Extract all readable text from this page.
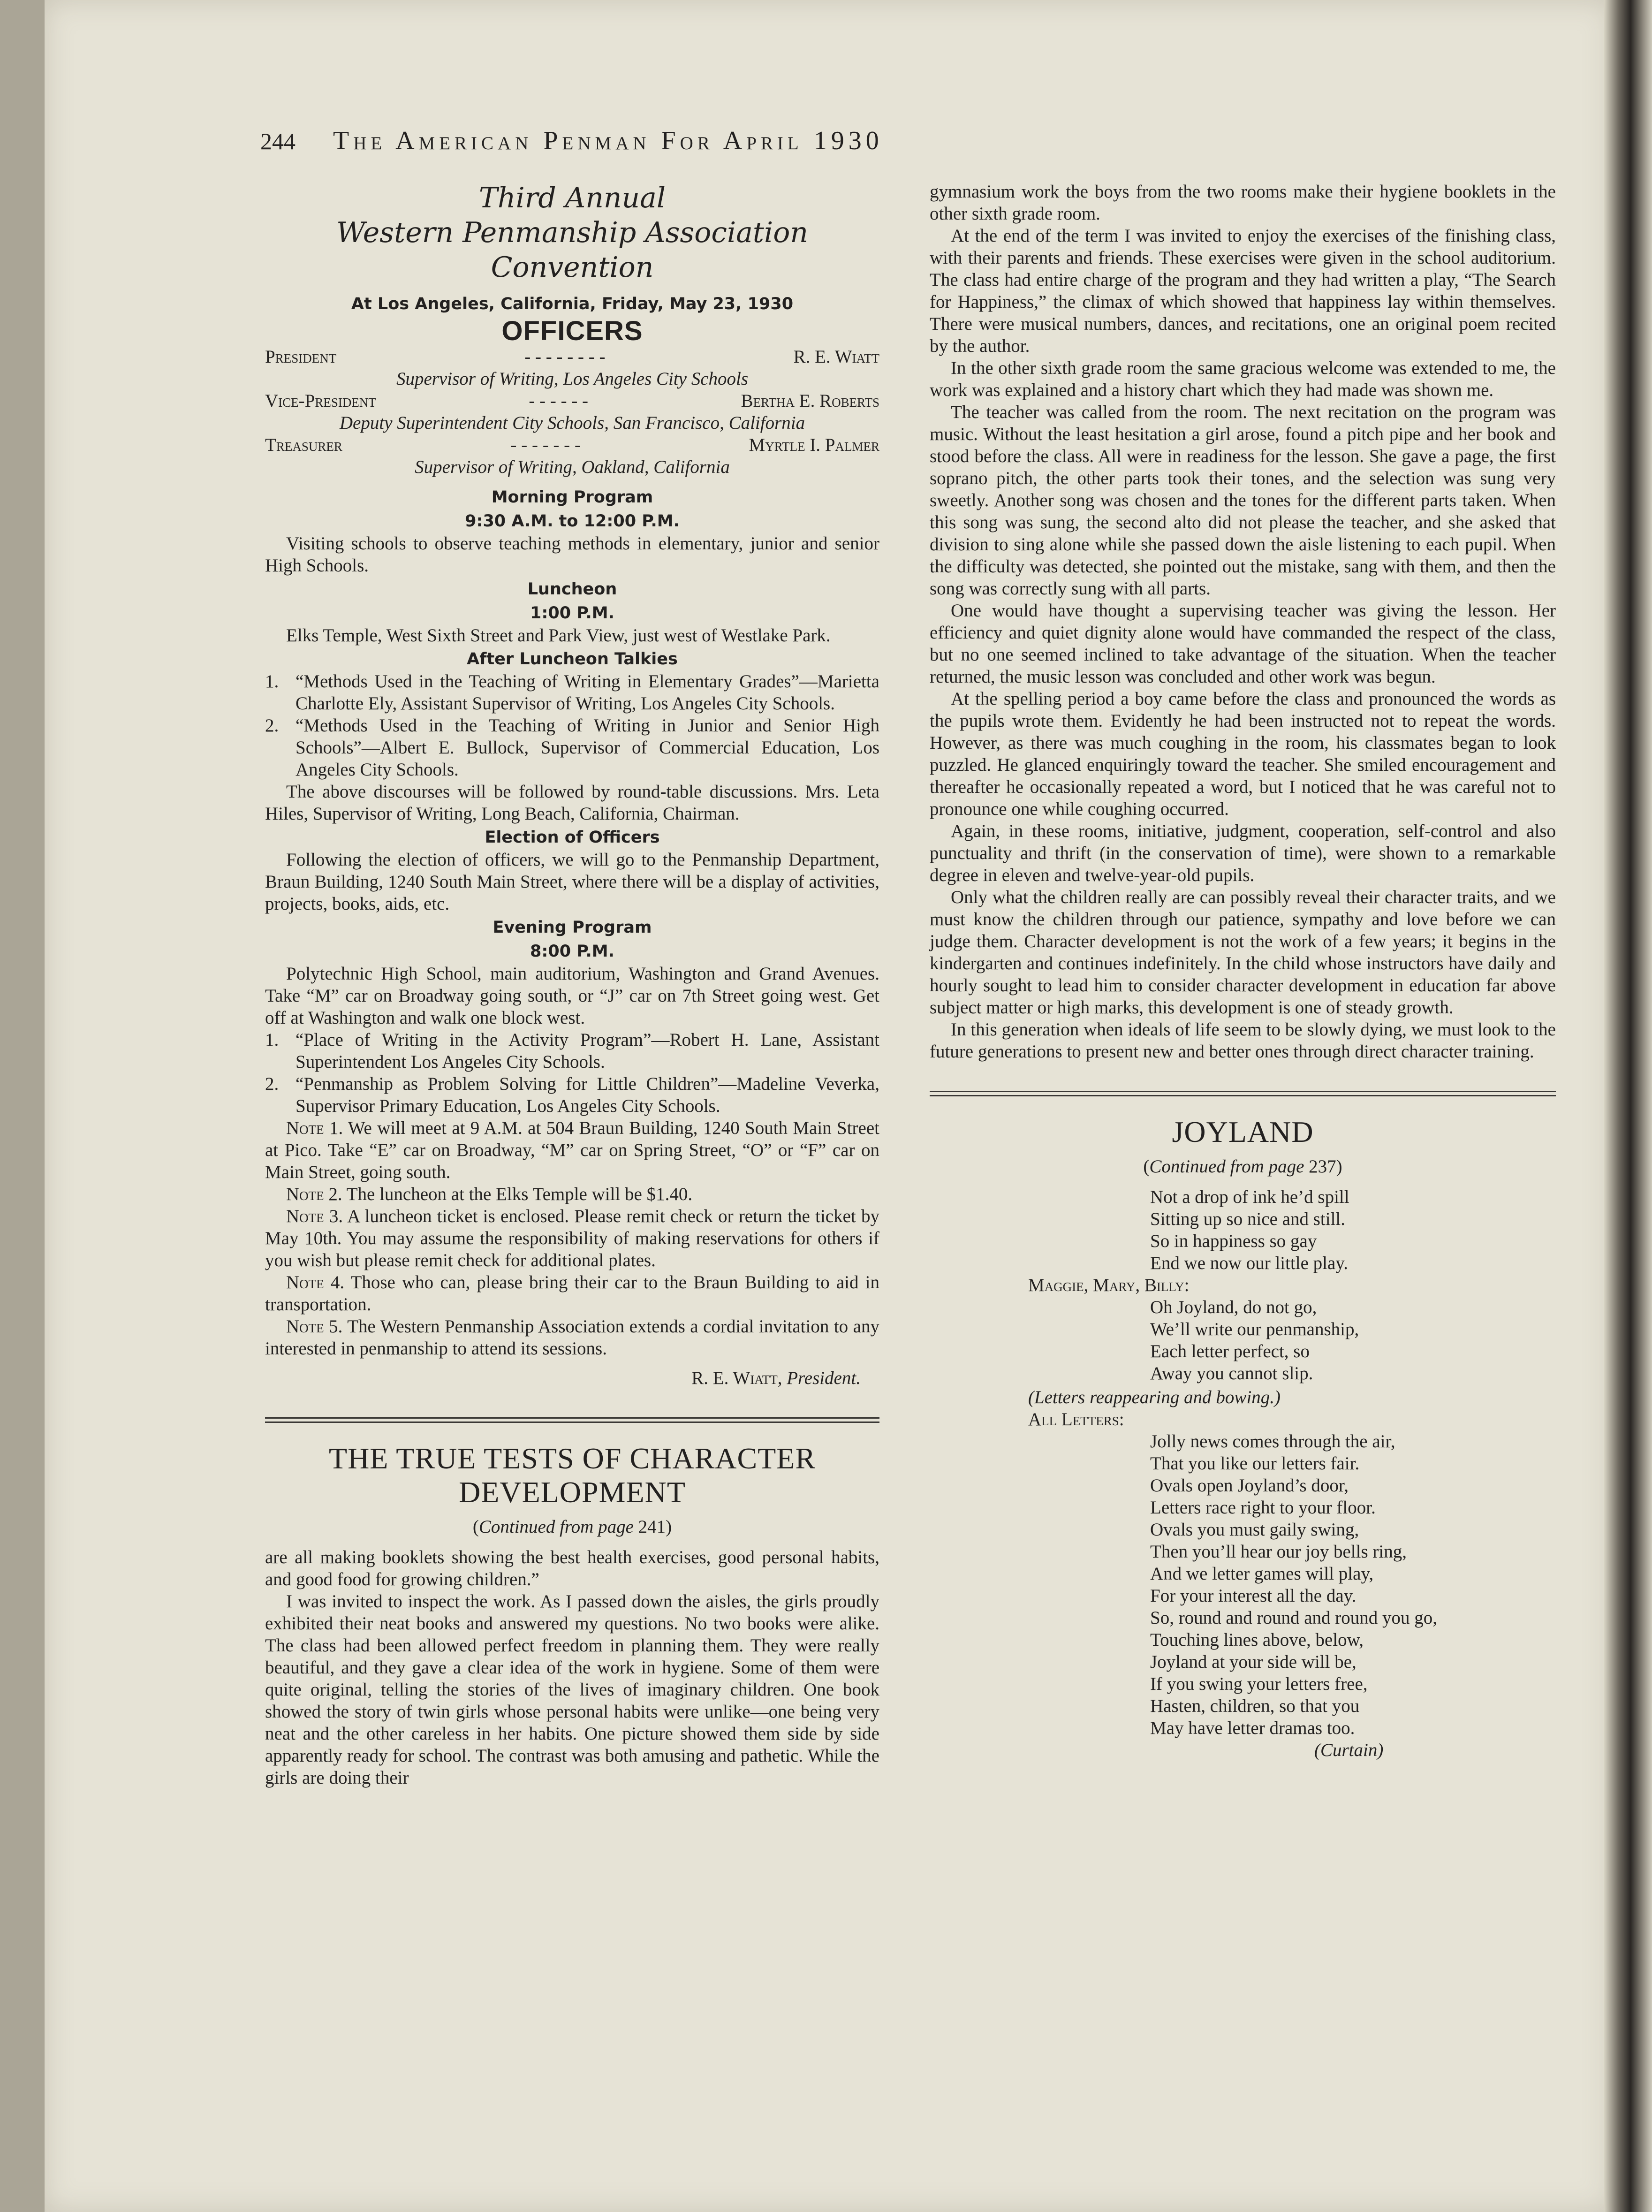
244	The American Penman For April 1930

Third Annual

Western Penmanship Association

Convention

At Los Angeles, California, Friday, May 23, 1930

OFFICERS

President	- - - - - - - -	R. E. Wiatt

Supervisor of Writing, Los Angeles City Schools

Vice-President	- - - - - -	Bertha E. Roberts

Deputy Superintendent City Schools, San Francisco, California

Treasurer	- - - - - - -	Myrtle I. Palmer

Supervisor of Writing, Oakland, California

Morning Program

9:30 A.M. to 12:00 P.M.

Visiting schools to observe teaching methods in elementary, junior and senior High Schools.

Luncheon

1:00 P.M.

Elks Temple, West Sixth Street and Park View, just west of Westlake Park.

After Luncheon Talkies

1. “Methods Used in the Teaching of Writing in Elementary Grades”—Marietta Charlotte Ely, Assistant Supervisor of Writing, Los Angeles City Schools.
2. “Methods Used in the Teaching of Writing in Junior and Senior High Schools”—Albert E. Bullock, Supervisor of Commercial Education, Los Angeles City Schools.

The above discourses will be followed by round-table discussions. Mrs. Leta Hiles, Supervisor of Writing, Long Beach, California, Chairman.

Election of Officers

Following the election of officers, we will go to the Penmanship Department, Braun Building, 1240 South Main Street, where there will be a display of activities, projects, books, aids, etc.

Evening Program

8:00 P.M.

Polytechnic High School, main auditorium, Washington and Grand Avenues. Take “M” car on Broadway going south, or “J” car on 7th Street going west. Get off at Washington and walk one block west.

1. “Place of Writing in the Activity Program”—Robert H. Lane, Assistant Superintendent Los Angeles City Schools.
2. “Penmanship as Problem Solving for Little Children”—Madeline Veverka, Supervisor Primary Education, Los Angeles City Schools.

Note 1. We will meet at 9 A.M. at 504 Braun Building, 1240 South Main Street at Pico. Take “E” car on Broadway, “M” car on Spring Street, “O” or “F” car on Main Street, going south.

Note 2. The luncheon at the Elks Temple will be $1.40.

Note 3. A luncheon ticket is enclosed. Please remit check or return the ticket by May 10th. You may assume the responsibility of making reservations for others if you wish but please remit check for additional plates.

Note 4. Those who can, please bring their car to the Braun Building to aid in transportation.

Note 5. The Western Penmanship Association extends a cordial invitation to any interested in penmanship to attend its sessions.

R. E. Wiatt, President.

THE TRUE TESTS OF CHARACTER DEVELOPMENT

(Continued from page 241)

are all making booklets showing the best health exercises, good personal habits, and good food for growing children.”

I was invited to inspect the work. As I passed down the aisles, the girls proudly exhibited their neat books and answered my questions. No two books were alike. The class had been allowed perfect freedom in planning them. They were really beautiful, and they gave a clear idea of the work in hygiene. Some of them were quite original, telling the stories of the lives of imaginary children. One book showed the story of twin girls whose personal habits were unlike—one being very neat and the other careless in her habits. One picture showed them side by side apparently ready for school. The contrast was both amusing and pathetic. While the girls are doing their

gymnasium work the boys from the two rooms make their hygiene booklets in the other sixth grade room.

At the end of the term I was invited to enjoy the exercises of the finishing class, with their parents and friends. These exercises were given in the school auditorium. The class had entire charge of the program and they had written a play, “The Search for Happiness,” the climax of which showed that happiness lay within themselves. There were musical numbers, dances, and recitations, one an original poem recited by the author.

In the other sixth grade room the same gracious welcome was extended to me, the work was explained and a history chart which they had made was shown me.

The teacher was called from the room. The next recitation on the program was music. Without the least hesitation a girl arose, found a pitch pipe and her book and stood before the class. All were in readiness for the lesson. She gave a page, the first soprano pitch, the other parts took their tones, and the selection was sung very sweetly. Another song was chosen and the tones for the different parts taken. When this song was sung, the second alto did not please the teacher, and she asked that division to sing alone while she passed down the aisle listening to each pupil. When the difficulty was detected, she pointed out the mistake, sang with them, and then the song was correctly sung with all parts.

One would have thought a supervising teacher was giving the lesson. Her efficiency and quiet dignity alone would have commanded the respect of the class, but no one seemed inclined to take advantage of the situation. When the teacher returned, the music lesson was concluded and other work was begun.

At the spelling period a boy came before the class and pronounced the words as the pupils wrote them. Evidently he had been instructed not to repeat the words. However, as there was much coughing in the room, his classmates began to look puzzled. He glanced enquiringly toward the teacher. She smiled encouragement and thereafter he occasionally repeated a word, but I noticed that he was careful not to pronounce one while coughing occurred.

Again, in these rooms, initiative, judgment, cooperation, self-control and also punctuality and thrift (in the conservation of time), were shown to a remarkable degree in eleven and twelve-year-old pupils.

Only what the children really are can possibly reveal their character traits, and we must know the children through our patience, sympathy and love before we can judge them. Character development is not the work of a few years; it begins in the kindergarten and continues indefinitely. In the child whose instructors have daily and hourly sought to lead him to consider character development in education far above subject matter or high marks, this development is one of steady growth.

In this generation when ideals of life seem to be slowly dying, we must look to the future generations to present new and better ones through direct character training.

JOYLAND

(Continued from page 237)

Not a drop of ink he’d spill

Sitting up so nice and still.

So in happiness so gay

End we now our little play.

Maggie, Mary, Billy:

Oh Joyland, do not go,

We’ll write our penmanship,

Each letter perfect, so

Away you cannot slip.

(Letters reappearing and bowing.)

All Letters:

Jolly news comes through the air,

That you like our letters fair.

Ovals open Joyland’s door,

Letters race right to your floor.

Ovals you must gaily swing,

Then you’ll hear our joy bells ring,

And we letter games will play,

For your interest all the day.

So, round and round and round you go,

Touching lines above, below,

Joyland at your side will be,

If you swing your letters free,

Hasten, children, so that you

May have letter dramas too.

(Curtain)
